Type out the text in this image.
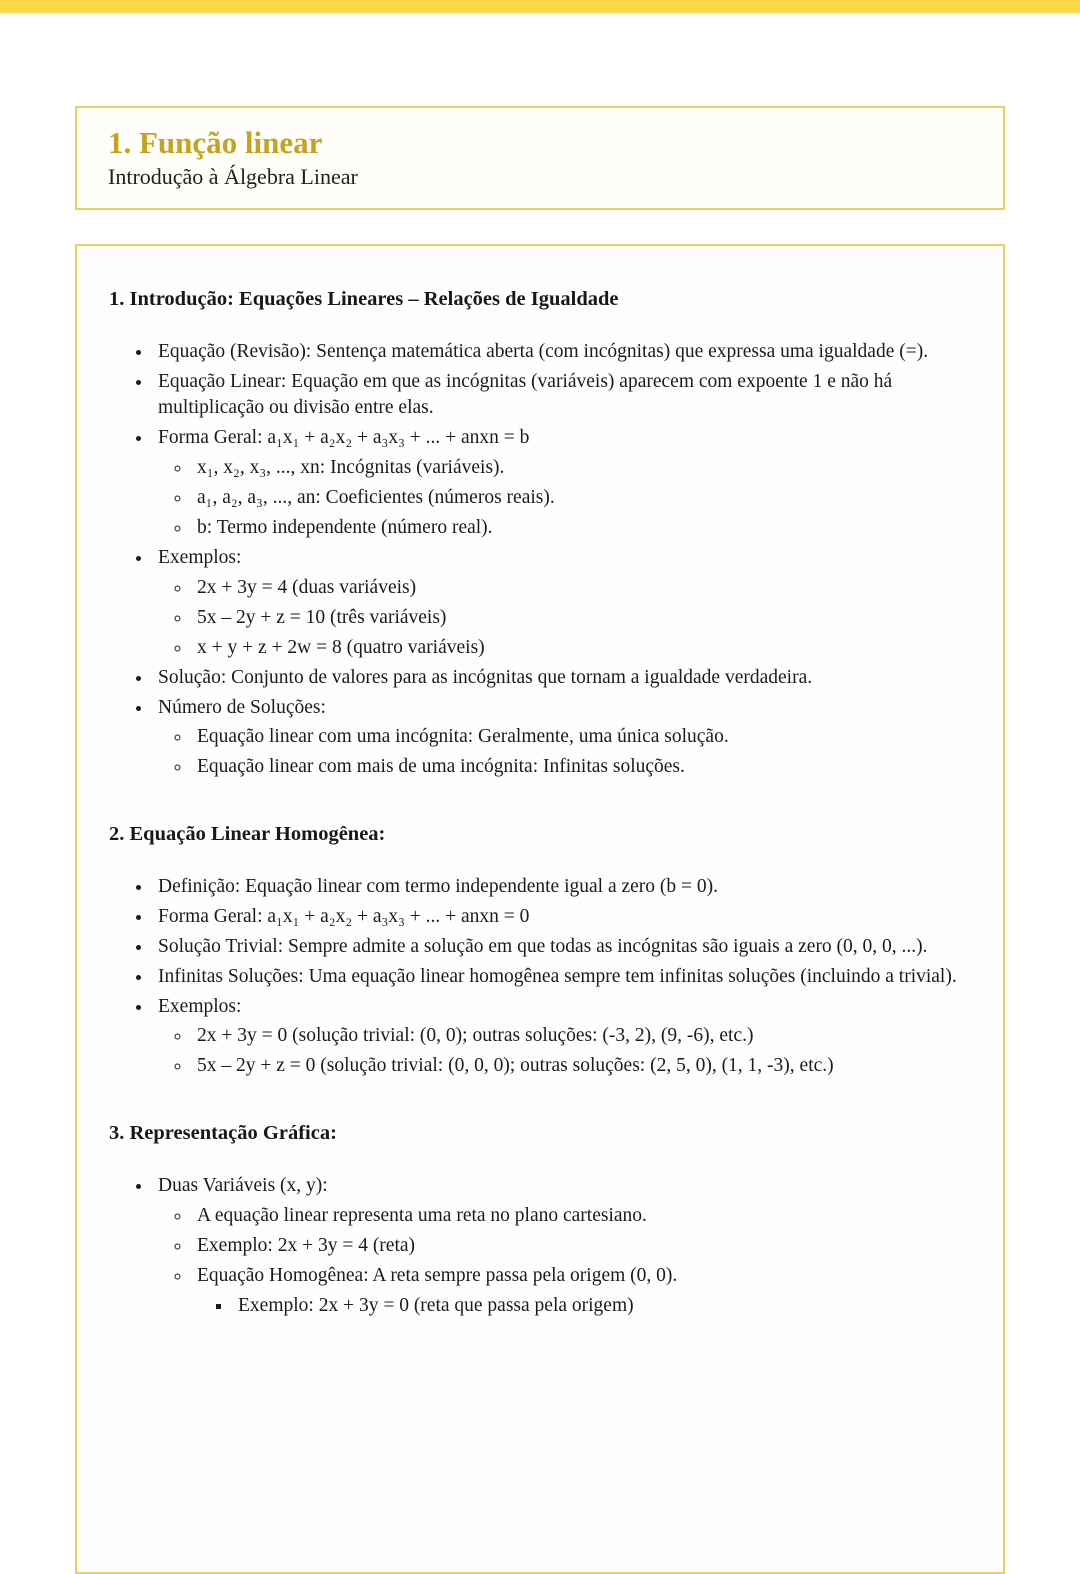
1. Função linear
Introdução à Álgebra Linear
1. Introdução: Equações Lineares – Relações de Igualdade
• Equação (Revisão): Sentença matemática aberta (com incógnitas) que expressa uma igualdade (=).
• Equação Linear: Equação em que as incógnitas (variáveis) aparecem com expoente 1 e não há multiplicação ou divisão entre elas.
• Forma Geral: a₁x₁ + a₂x₂ + a₃x₃ + ... + anxn = b
◦ x₁, x₂, x₃, ..., xn: Incógnitas (variáveis).
◦ a₁, a₂, a₃, ..., an: Coeficientes (números reais).
◦ b: Termo independente (número real).
• Exemplos:
◦ 2x + 3y = 4 (duas variáveis)
◦ 5x – 2y + z = 10 (três variáveis)
◦ x + y + z + 2w = 8 (quatro variáveis)
• Solução: Conjunto de valores para as incógnitas que tornam a igualdade verdadeira.
• Número de Soluções:
◦ Equação linear com uma incógnita: Geralmente, uma única solução.
◦ Equação linear com mais de uma incógnita: Infinitas soluções.
2. Equação Linear Homogênea:
• Definição: Equação linear com termo independente igual a zero (b = 0).
• Forma Geral: a₁x₁ + a₂x₂ + a₃x₃ + ... + anxn = 0
• Solução Trivial: Sempre admite a solução em que todas as incógnitas são iguais a zero (0, 0, 0, ...).
• Infinitas Soluções: Uma equação linear homogênea sempre tem infinitas soluções (incluindo a trivial).
• Exemplos:
◦ 2x + 3y = 0 (solução trivial: (0, 0); outras soluções: (-3, 2), (9, -6), etc.)
◦ 5x – 2y + z = 0 (solução trivial: (0, 0, 0); outras soluções: (2, 5, 0), (1, 1, -3), etc.)
3. Representação Gráfica:
• Duas Variáveis (x, y):
◦ A equação linear representa uma reta no plano cartesiano.
◦ Exemplo: 2x + 3y = 4 (reta)
◦ Equação Homogênea: A reta sempre passa pela origem (0, 0).
▪ Exemplo: 2x + 3y = 0 (reta que passa pela origem)
